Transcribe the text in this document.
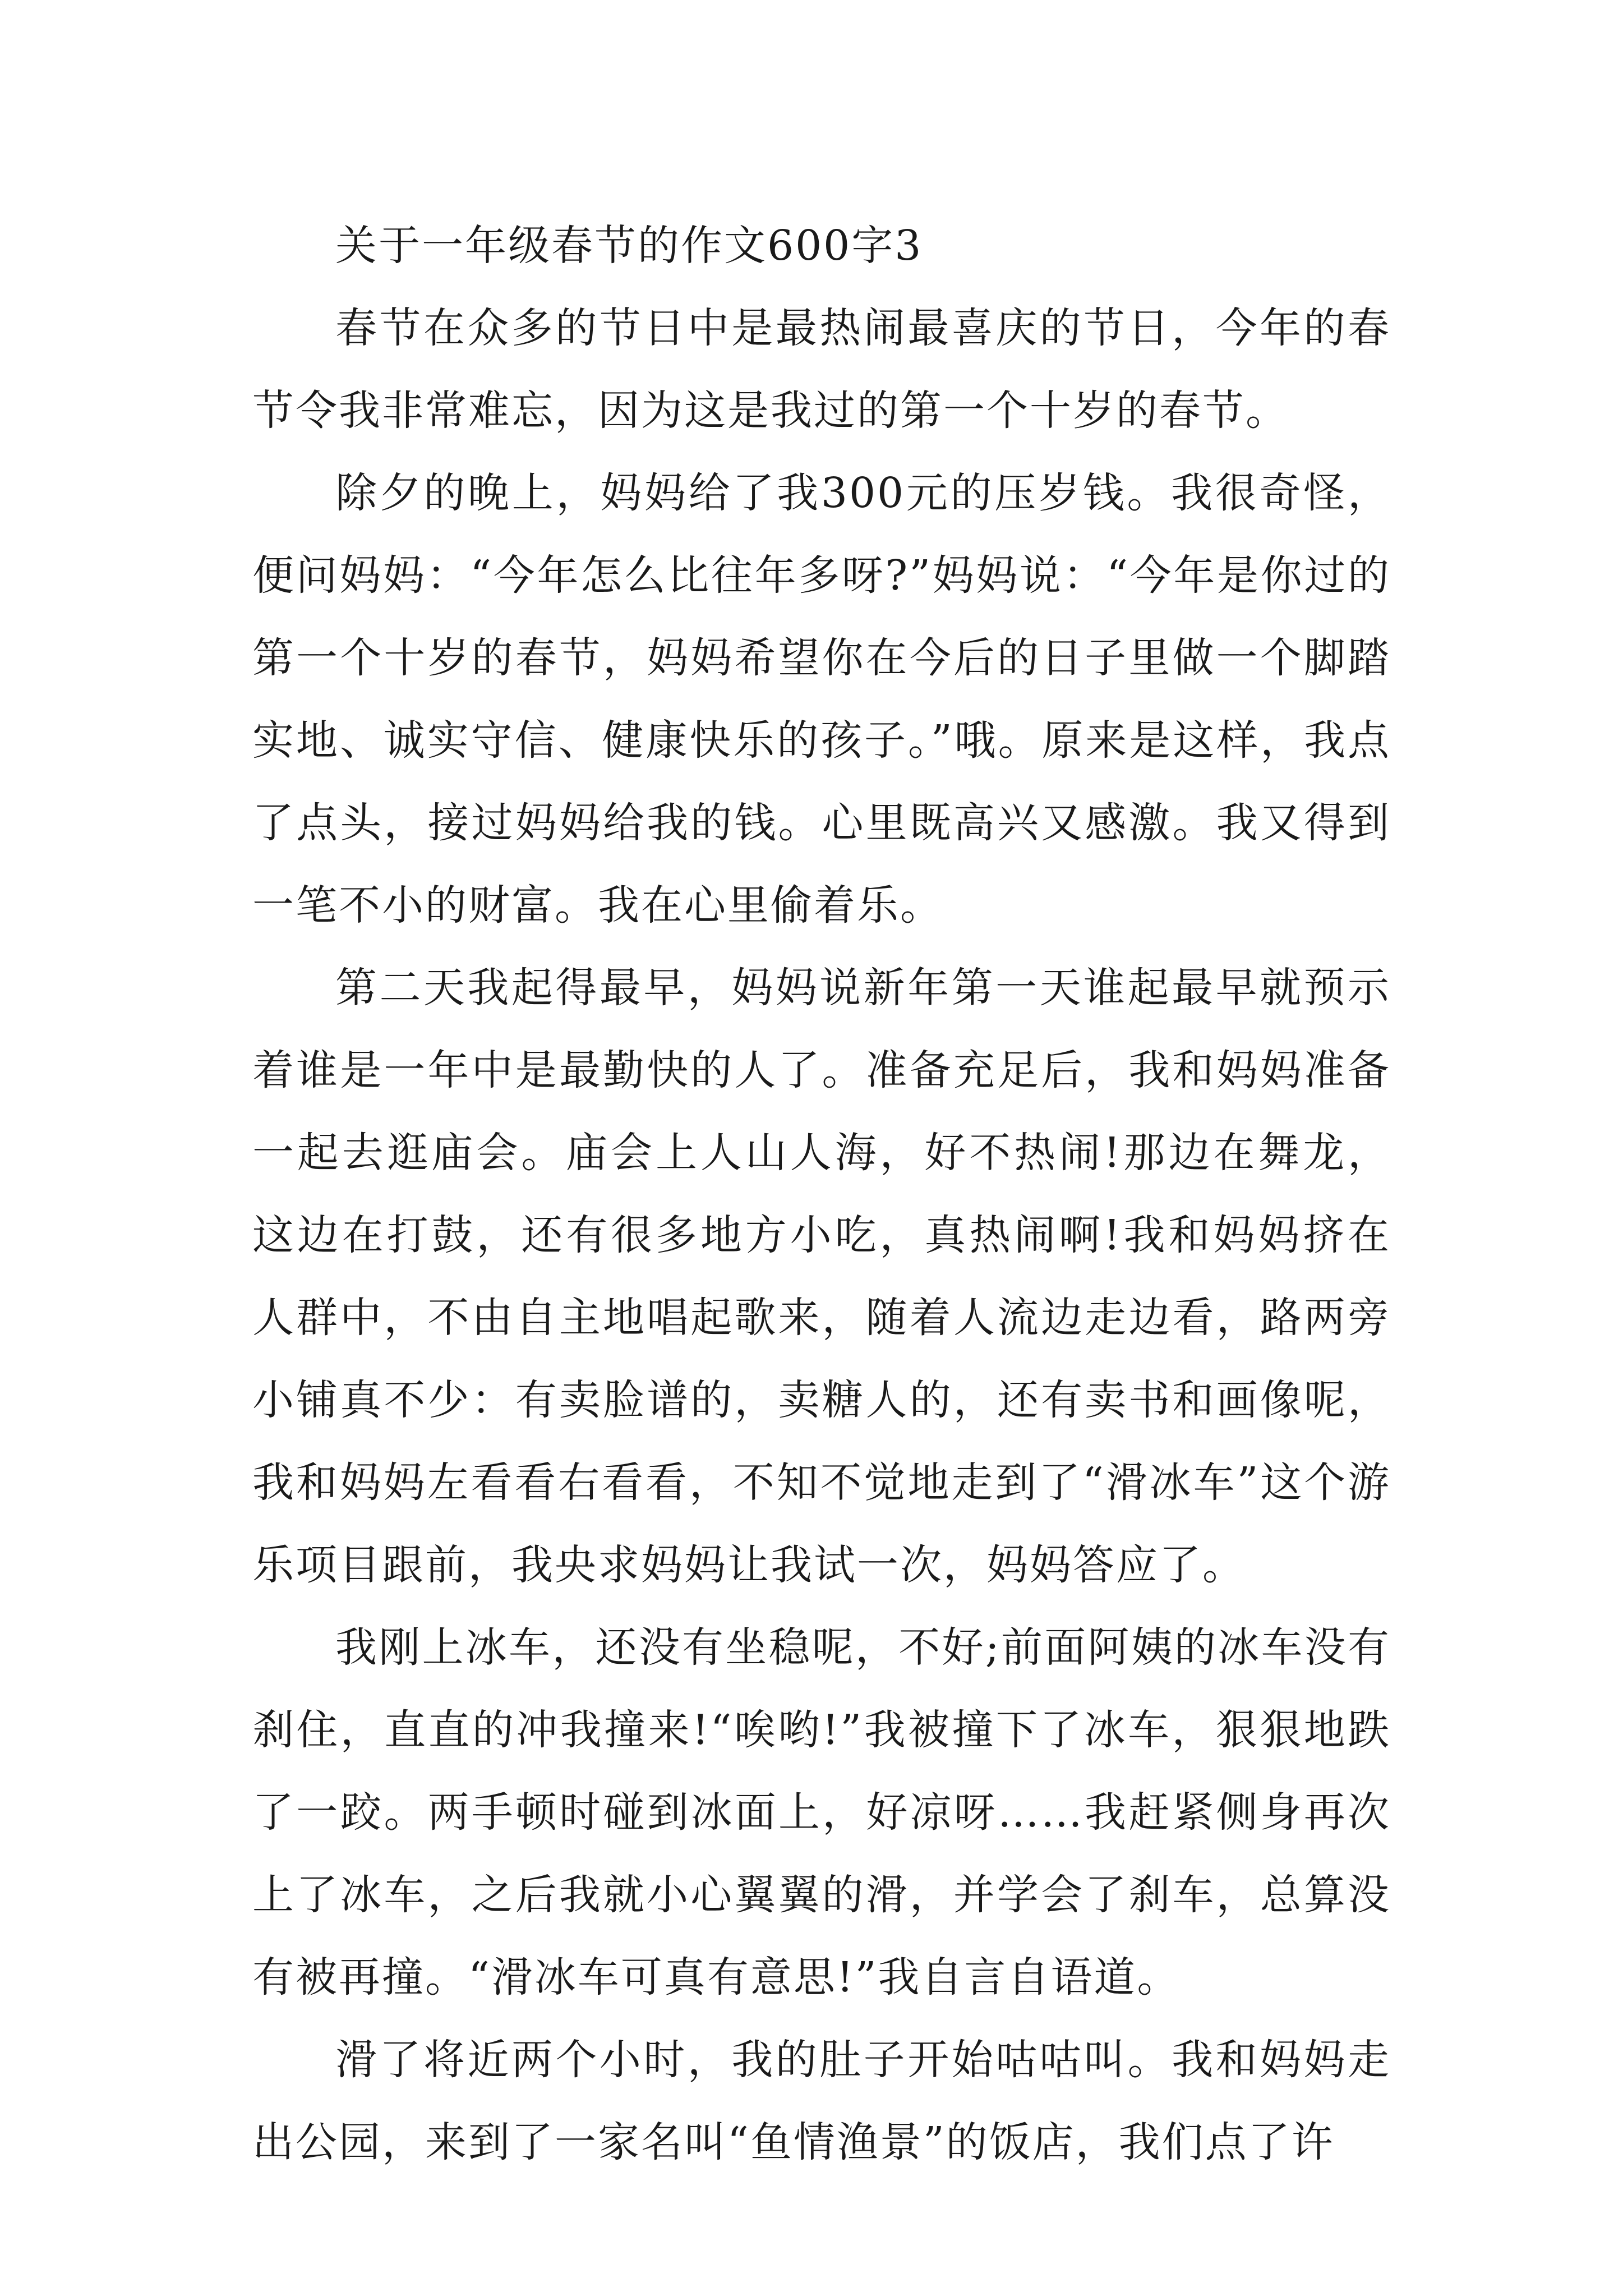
关于一年级春节的作文600字3

春节在众多的节日中是最热闹最喜庆的节日，今年的春节令我非常难忘，因为这是我过的第一个十岁的春节。

除夕的晚上，妈妈给了我300元的压岁钱。我很奇怪，便问妈妈：“今年怎么比往年多呀?”妈妈说：“今年是你过的第一个十岁的春节，妈妈希望你在今后的日子里做一个脚踏实地、诚实守信、健康快乐的孩子。”哦。原来是这样，我点了点头，接过妈妈给我的钱。心里既高兴又感激。我又得到一笔不小的财富。我在心里偷着乐。

第二天我起得最早，妈妈说新年第一天谁起最早就预示着谁是一年中是最勤快的人了。准备充足后，我和妈妈准备一起去逛庙会。庙会上人山人海，好不热闹!那边在舞龙，这边在打鼓，还有很多地方小吃，真热闹啊!我和妈妈挤在人群中，不由自主地唱起歌来，随着人流边走边看，路两旁小铺真不少：有卖脸谱的，卖糖人的，还有卖书和画像呢，我和妈妈左看看右看看，不知不觉地走到了“滑冰车”这个游乐项目跟前，我央求妈妈让我试一次，妈妈答应了。

我刚上冰车，还没有坐稳呢，不好;前面阿姨的冰车没有刹住，直直的冲我撞来!“唉哟!”我被撞下了冰车，狠狠地跌了一跤。两手顿时碰到冰面上，好凉呀……我赶紧侧身再次上了冰车，之后我就小心翼翼的滑，并学会了刹车，总算没有被再撞。“滑冰车可真有意思!”我自言自语道。

滑了将近两个小时，我的肚子开始咕咕叫。我和妈妈走出公园，来到了一家名叫“鱼情渔景”的饭店，我们点了许
